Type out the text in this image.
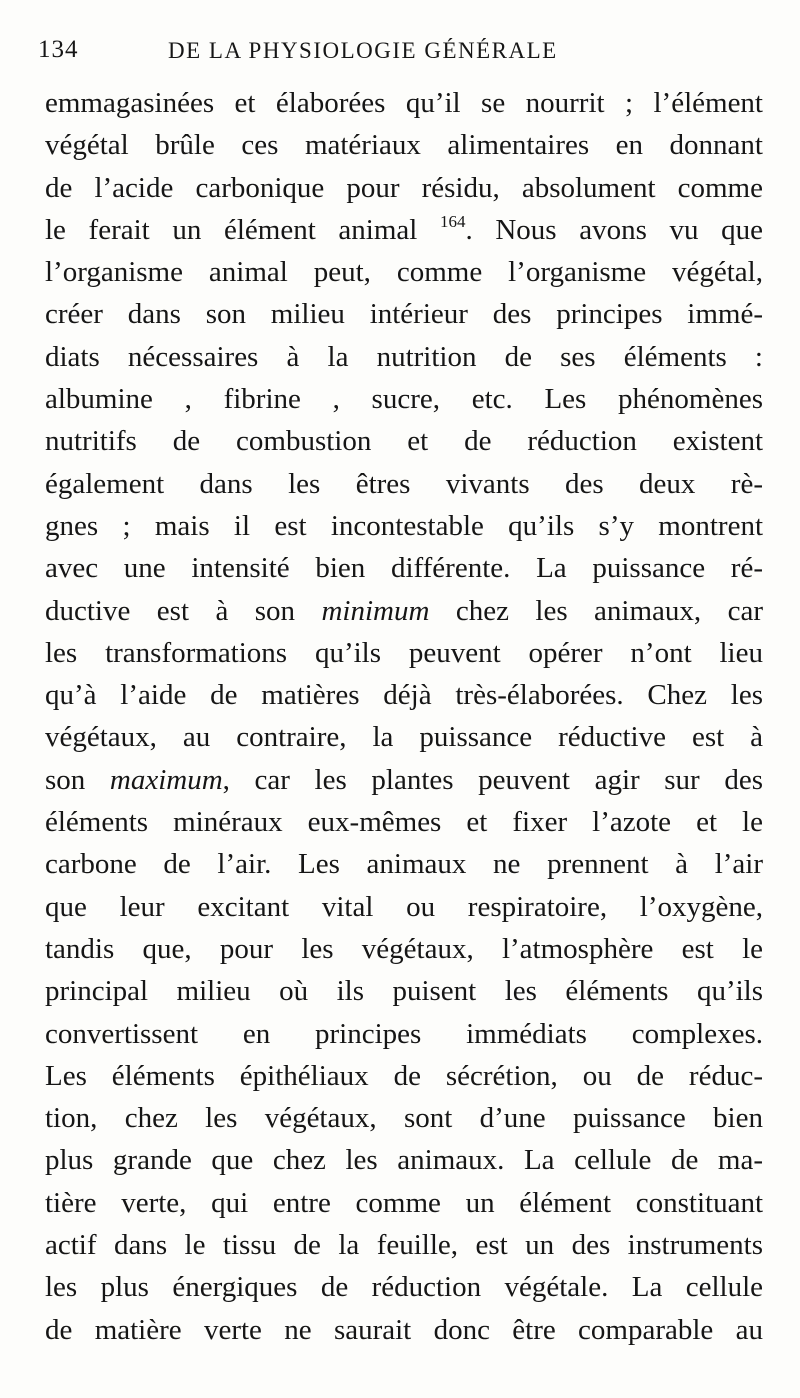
134	DE LA PHYSIOLOGIE GÉNÉRALE
emmagasinées et élaborées qu’il se nourrit ; l’élément
végétal brûle ces matériaux alimentaires en donnant
de l’acide carbonique pour résidu, absolument comme
le ferait un élément animal $^{164}$. Nous avons vu que
l’organisme animal peut, comme l’organisme végétal,
créer dans son milieu intérieur des principes immé-
diats nécessaires à la nutrition de ses éléments :
albumine , fibrine , sucre, etc. Les phénomènes
nutritifs de combustion et de réduction existent
également dans les êtres vivants des deux rè-
gnes ; mais il est incontestable qu’ils s’y montrent
avec une intensité bien différente. La puissance ré-
ductive est à son minimum chez les animaux, car
les transformations qu’ils peuvent opérer n’ont lieu
qu’à l’aide de matières déjà très-élaborées. Chez les
végétaux, au contraire, la puissance réductive est à
son maximum, car les plantes peuvent agir sur des
éléments minéraux eux-mêmes et fixer l’azote et le
carbone de l’air. Les animaux ne prennent à l’air
que leur excitant vital ou respiratoire, l’oxygène,
tandis que, pour les végétaux, l’atmosphère est le
principal milieu où ils puisent les éléments qu’ils
convertissent en principes immédiats complexes.
Les éléments épithéliaux de sécrétion, ou de réduc-
tion, chez les végétaux, sont d’une puissance bien
plus grande que chez les animaux. La cellule de ma-
tière verte, qui entre comme un élément constituant
actif dans le tissu de la feuille, est un des instruments
les plus énergiques de réduction végétale. La cellule
de matière verte ne saurait donc être comparable au
